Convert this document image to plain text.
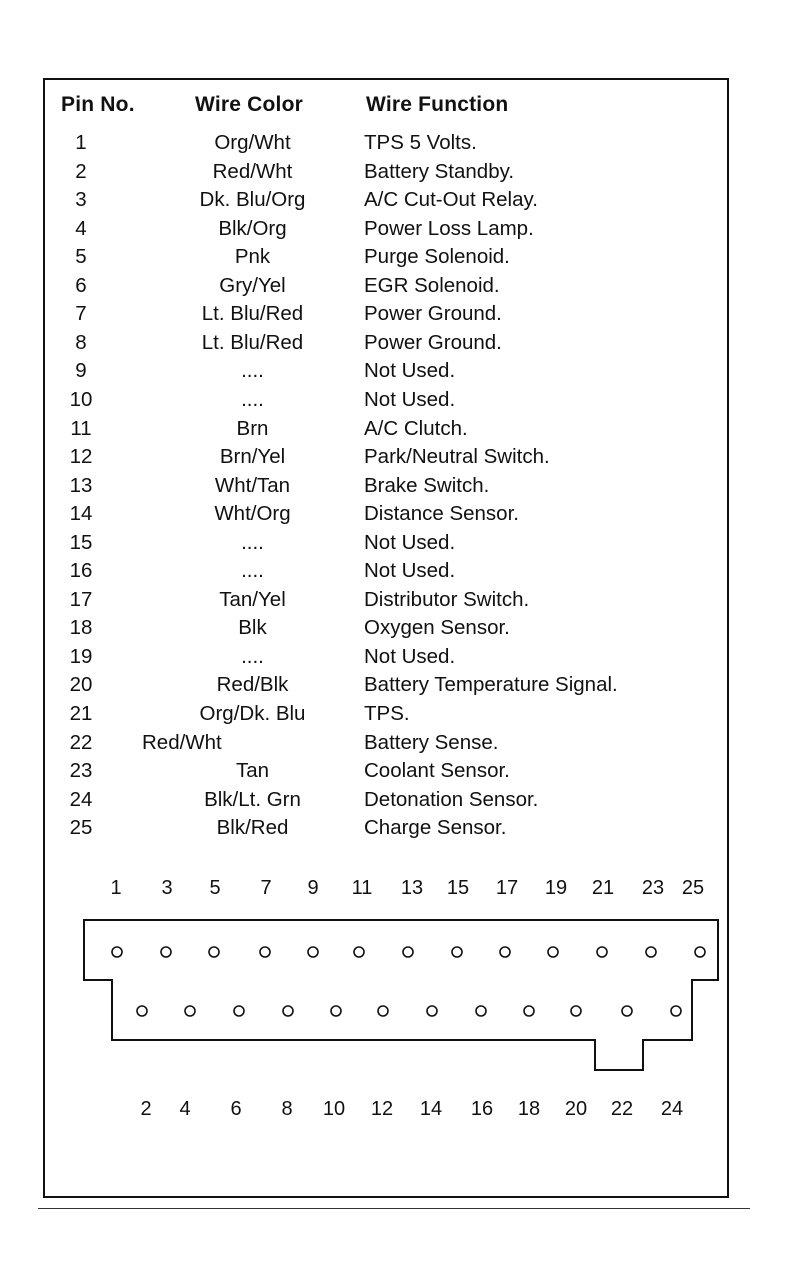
Pin No.	Wire Color	Wire Function
1	Org/Wht	TPS 5 Volts.
2	Red/Wht	Battery Standby.
3	Dk. Blu/Org	A/C Cut-Out Relay.
4	Blk/Org	Power Loss Lamp.
5	Pnk	Purge Solenoid.
6	Gry/Yel	EGR Solenoid.
7	Lt. Blu/Red	Power Ground.
8	Lt. Blu/Red	Power Ground.
9	....	Not Used.
10	....	Not Used.
11	Brn	A/C Clutch.
12	Brn/Yel	Park/Neutral Switch.
13	Wht/Tan	Brake Switch.
14	Wht/Org	Distance Sensor.
15	....	Not Used.
16	....	Not Used.
17	Tan/Yel	Distributor Switch.
18	Blk	Oxygen Sensor.
19	....	Not Used.
20	Red/Blk	Battery Temperature Signal.
21	Org/Dk. Blu	TPS.
22	Red/Wht	Battery Sense.
23	Tan	Coolant Sensor.
24	Blk/Lt. Grn	Detonation Sensor.
25	Blk/Red	Charge Sensor.
1 3 5 7 9 11 13 15 17 19 21 23 25
2 4 6 8 10 12 14 16 18 20 22 24
